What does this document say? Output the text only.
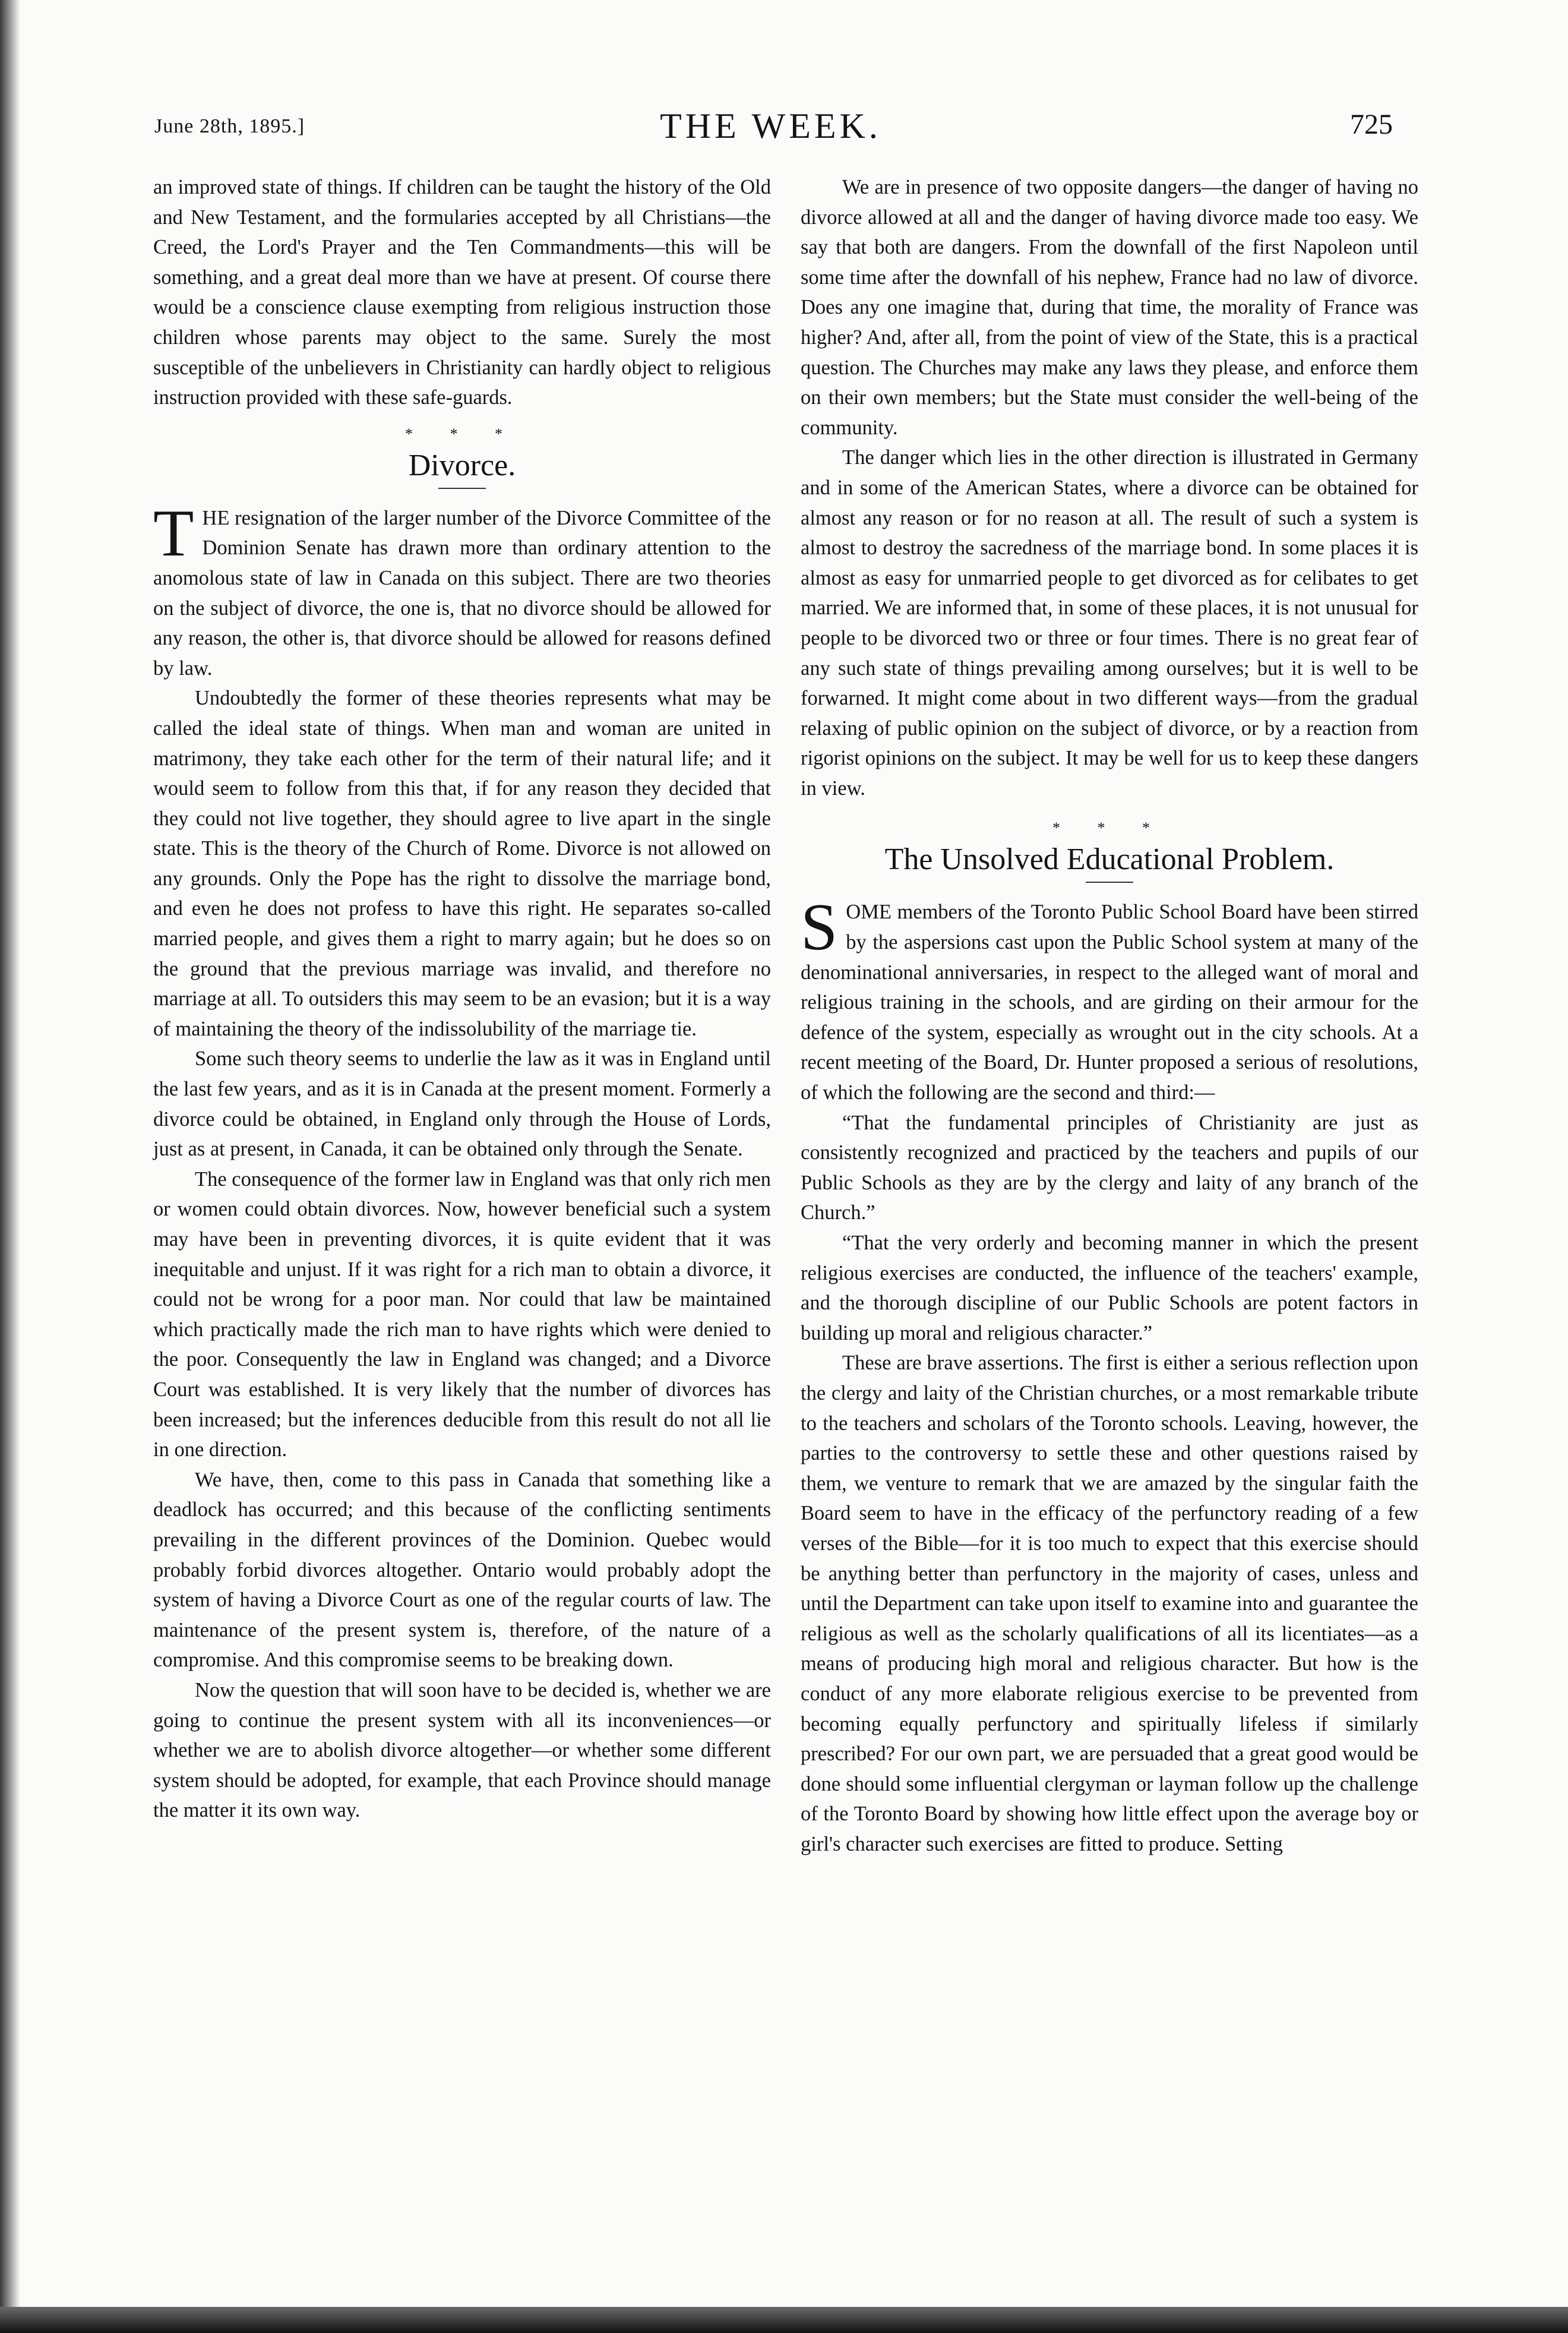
June 28th, 1895.]	THE WEEK.	725

an improved state of things. If children can be taught the history of the Old and New Testament, and the formularies accepted by all Christians—the Creed, the Lord's Prayer and the Ten Commandments—this will be something, and a great deal more than we have at present. Of course there would be a conscience clause exempting from religious instruction those children whose parents may object to the same. Surely the most susceptible of the unbelievers in Christianity can hardly object to religious instruction provided with these safe-guards.

* * *
Divorce.

THE resignation of the larger number of the Divorce Committee of the Dominion Senate has drawn more than ordinary attention to the anomolous state of law in Canada on this subject. There are two theories on the subject of divorce, the one is, that no divorce should be allowed for any reason, the other is, that divorce should be allowed for reasons defined by law.

Undoubtedly the former of these theories represents what may be called the ideal state of things. When man and woman are united in matrimony, they take each other for the term of their natural life; and it would seem to follow from this that, if for any reason they decided that they could not live together, they should agree to live apart in the single state. This is the theory of the Church of Rome. Divorce is not allowed on any grounds. Only the Pope has the right to dissolve the marriage bond, and even he does not profess to have this right. He separates so-called married people, and gives them a right to marry again; but he does so on the ground that the previous marriage was invalid, and therefore no marriage at all. To outsiders this may seem to be an evasion; but it is a way of maintaining the theory of the indissolubility of the marriage tie.

Some such theory seems to underlie the law as it was in England until the last few years, and as it is in Canada at the present moment. Formerly a divorce could be obtained, in England only through the House of Lords, just as at present, in Canada, it can be obtained only through the Senate.

The consequence of the former law in England was that only rich men or women could obtain divorces. Now, however beneficial such a system may have been in preventing divorces, it is quite evident that it was inequitable and unjust. If it was right for a rich man to obtain a divorce, it could not be wrong for a poor man. Nor could that law be maintained which practically made the rich man to have rights which were denied to the poor. Consequently the law in England was changed; and a Divorce Court was established. It is very likely that the number of divorces has been increased; but the inferences deducible from this result do not all lie in one direction.

We have, then, come to this pass in Canada that something like a deadlock has occurred; and this because of the conflicting sentiments prevailing in the different provinces of the Dominion. Quebec would probably forbid divorces altogether. Ontario would probably adopt the system of having a Divorce Court as one of the regular courts of law. The maintenance of the present system is, therefore, of the nature of a compromise. And this compromise seems to be breaking down.

Now the question that will soon have to be decided is, whether we are going to continue the present system with all its inconveniences—or whether we are to abolish divorce altogether—or whether some different system should be adopted, for example, that each Province should manage the matter it its own way.

We are in presence of two opposite dangers—the danger of having no divorce allowed at all and the danger of having divorce made too easy. We say that both are dangers. From the downfall of the first Napoleon until some time after the downfall of his nephew, France had no law of divorce. Does any one imagine that, during that time, the morality of France was higher? And, after all, from the point of view of the State, this is a practical question. The Churches may make any laws they please, and enforce them on their own members; but the State must consider the well-being of the community.

The danger which lies in the other direction is illustrated in Germany and in some of the American States, where a divorce can be obtained for almost any reason or for no reason at all. The result of such a system is almost to destroy the sacredness of the marriage bond. In some places it is almost as easy for unmarried people to get divorced as for celibates to get married. We are informed that, in some of these places, it is not unusual for people to be divorced two or three or four times. There is no great fear of any such state of things prevailing among ourselves; but it is well to be forwarned. It might come about in two different ways—from the gradual relaxing of public opinion on the subject of divorce, or by a reaction from rigorist opinions on the subject. It may be well for us to keep these dangers in view.

* * *
The Unsolved Educational Problem.

SOME members of the Toronto Public School Board have been stirred by the aspersions cast upon the Public School system at many of the denominational anniversaries, in respect to the alleged want of moral and religious training in the schools, and are girding on their armour for the defence of the system, especially as wrought out in the city schools. At a recent meeting of the Board, Dr. Hunter proposed a serious of resolutions, of which the following are the second and third:—

“That the fundamental principles of Christianity are just as consistently recognized and practiced by the teachers and pupils of our Public Schools as they are by the clergy and laity of any branch of the Church.”

“That the very orderly and becoming manner in which the present religious exercises are conducted, the influence of the teachers' example, and the thorough discipline of our Public Schools are potent factors in building up moral and religious character.”

These are brave assertions. The first is either a serious reflection upon the clergy and laity of the Christian churches, or a most remarkable tribute to the teachers and scholars of the Toronto schools. Leaving, however, the parties to the controversy to settle these and other questions raised by them, we venture to remark that we are amazed by the singular faith the Board seem to have in the efficacy of the perfunctory reading of a few verses of the Bible—for it is too much to expect that this exercise should be anything better than perfunctory in the majority of cases, unless and until the Department can take upon itself to examine into and guarantee the religious as well as the scholarly qualifications of all its licentiates—as a means of producing high moral and religious character. But how is the conduct of any more elaborate religious exercise to be prevented from becoming equally perfunctory and spiritually lifeless if similarly prescribed? For our own part, we are persuaded that a great good would be done should some influential clergyman or layman follow up the challenge of the Toronto Board by showing how little effect upon the average boy or girl's character such exercises are fitted to produce. Setting
